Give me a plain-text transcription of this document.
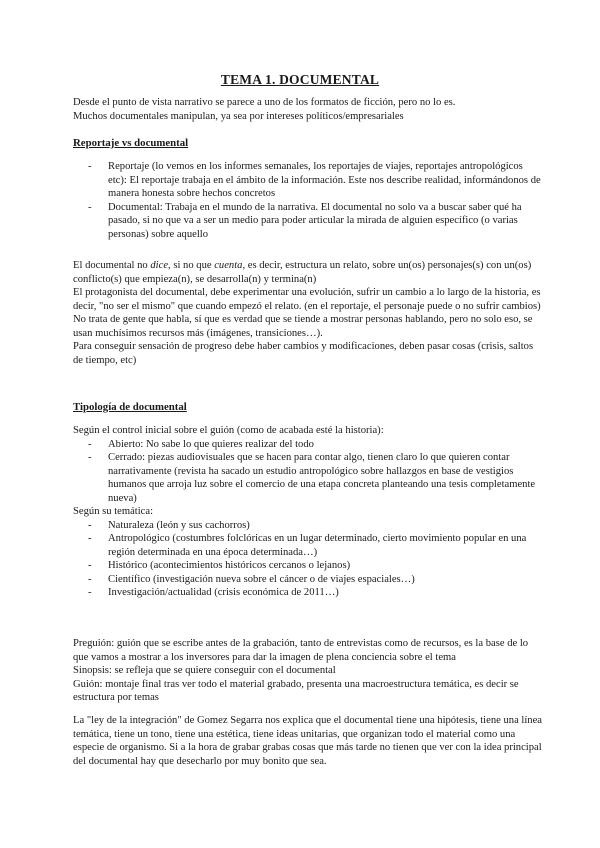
TEMA 1. DOCUMENTAL

Desde el punto de vista narrativo se parece a uno de los formatos de ficción, pero no lo es.

Muchos documentales manipulan, ya sea por intereses políticos/empresariales

Reportaje vs documental

- Reportaje (lo vemos en los informes semanales, los reportajes de viajes, reportajes antropológicos etc): El reportaje trabaja en el ámbito de la información. Este nos describe realidad, informándonos de manera honesta sobre hechos concretos
- Documental: Trabaja en el mundo de la narrativa. El documental no solo va a buscar saber qué ha pasado, si no que va a ser un medio para poder articular la mirada de alguien específico (o varias personas) sobre aquello

El documental no dice, si no que cuenta, es decir, estructura un relato, sobre un(os) personajes(s) con un(os) conflicto(s) que empieza(n), se desarrolla(n) y termina(n)

El protagonista del documental, debe experimentar una evolución, sufrir un cambio a lo largo de la historia, es decir, "no ser el mismo" que cuando empezó el relato. (en el reportaje, el personaje puede o no sufrir cambios)

No trata de gente que habla, sí que es verdad que se tiende a mostrar personas hablando, pero no solo eso, se usan muchísimos recursos más (imágenes, transiciones…).

Para conseguir sensación de progreso debe haber cambios y modificaciones, deben pasar cosas (crisis, saltos de tiempo, etc)

Tipología de documental

Según el control inicial sobre el guión (como de acabada esté la historia):

- Abierto: No sabe lo que quieres realizar del todo
- Cerrado: piezas audiovisuales que se hacen para contar algo, tienen claro lo que quieren contar narrativamente (revista ha sacado un estudio antropológico sobre hallazgos en base de vestigios humanos que arroja luz sobre el comercio de una etapa concreta planteando una tesis completamente nueva)

Según su temática:

- Naturaleza (león y sus cachorros)
- Antropológico (costumbres folclóricas en un lugar determinado, cierto movimiento popular en una región determinada en una época determinada…)
- Histórico (acontecimientos históricos cercanos o lejanos)
- Científico (investigación nueva sobre el cáncer o de viajes espaciales…)
- Investigación/actualidad (crisis económica de 2011…)

Preguión: guión que se escribe antes de la grabación, tanto de entrevistas como de recursos, es la base de lo que vamos a mostrar a los inversores para dar la imagen de plena conciencia sobre el tema

Sinopsis: se refleja que se quiere conseguir con el documental

Guión: montaje final tras ver todo el material grabado, presenta una macroestructura temática, es decir se estructura por temas

La "ley de la integración" de Gomez Segarra nos explica que el documental tiene una hipótesis, tiene una línea temática, tiene un tono, tiene una estética, tiene ideas unitarias, que organizan todo el material como una especie de organismo. Si a la hora de grabar grabas cosas que más tarde no tienen que ver con la idea principal del documental hay que desecharlo por muy bonito que sea.
